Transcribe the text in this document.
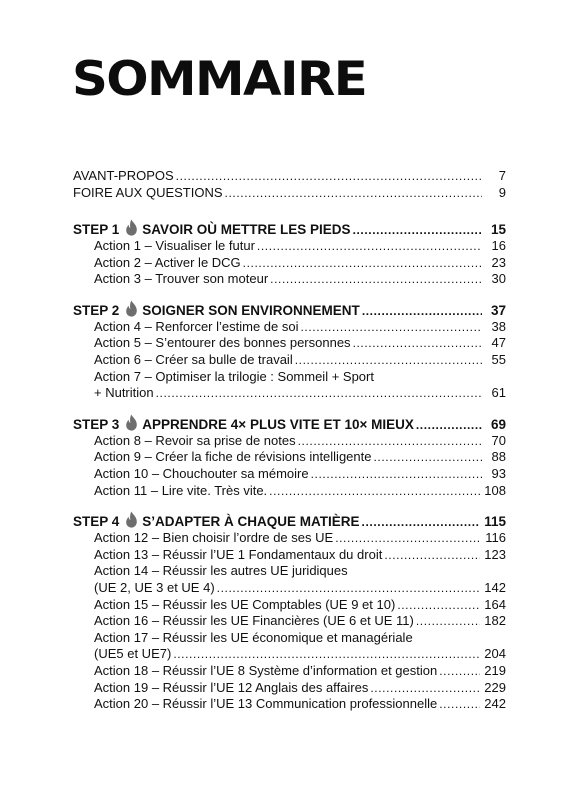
SOMMAIRE
AVANT-PROPOS .....	7
FOIRE AUX QUESTIONS .....	9
STEP 1 SAVOIR OÙ METTRE LES PIEDS .....	15
Action 1 – Visualiser le futur .....	16
Action 2 – Activer le DCG .....	23
Action 3 – Trouver son moteur .....	30
STEP 2 SOIGNER SON ENVIRONNEMENT .....	37
Action 4 – Renforcer l’estime de soi .....	38
Action 5 – S’entourer des bonnes personnes .....	47
Action 6 – Créer sa bulle de travail .....	55
Action 7 – Optimiser la trilogie : Sommeil + Sport
+ Nutrition .....	61
STEP 3 APPRENDRE 4× PLUS VITE ET 10× MIEUX .....	69
Action 8 – Revoir sa prise de notes .....	70
Action 9 – Créer la fiche de révisions intelligente .....	88
Action 10 – Chouchouter sa mémoire .....	93
Action 11 – Lire vite. Très vite. .....	108
STEP 4 S’ADAPTER À CHAQUE MATIÈRE .....	115
Action 12 – Bien choisir l’ordre de ses UE .....	116
Action 13 – Réussir l’UE 1 Fondamentaux du droit .....	123
Action 14 – Réussir les autres UE juridiques
(UE 2, UE 3 et UE 4) .....	142
Action 15 – Réussir les UE Comptables (UE 9 et 10) .....	164
Action 16 – Réussir les UE Financières (UE 6 et UE 11) .....	182
Action 17 – Réussir les UE économique et managériale
(UE5 et UE7) .....	204
Action 18 – Réussir l’UE 8 Système d’information et gestion .....	219
Action 19 – Réussir l’UE 12 Anglais des affaires .....	229
Action 20 – Réussir l’UE 13 Communication professionnelle .....	242
